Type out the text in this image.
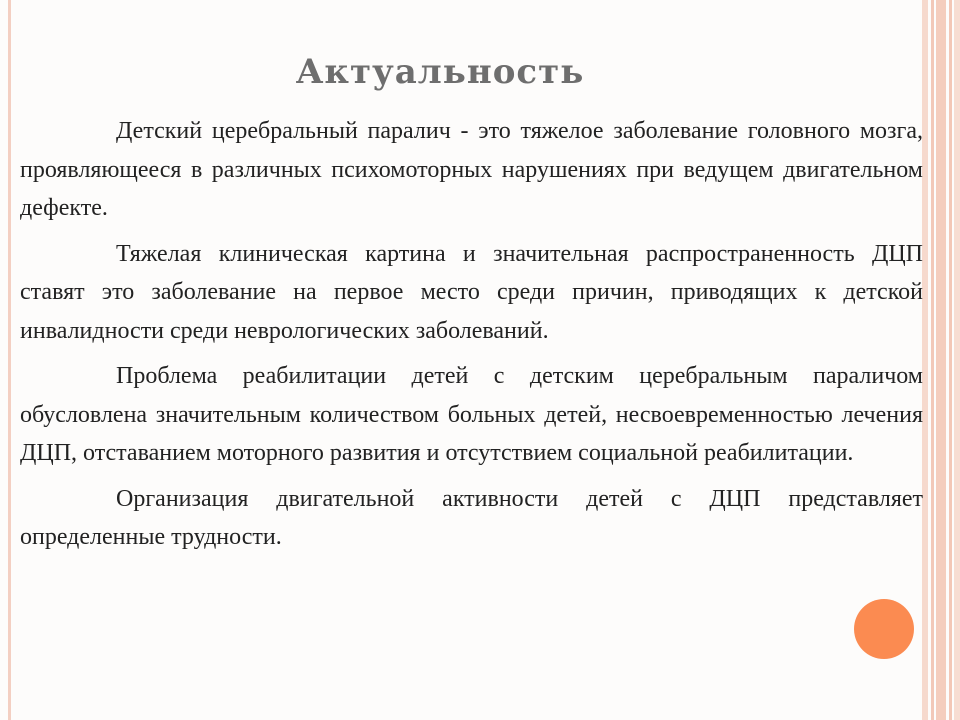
Актуальность

Детский церебральный паралич - это тяжелое заболевание головного мозга, проявляющееся в различных психомоторных нарушениях при ведущем двигательном дефекте.

Тяжелая клиническая картина и значительная распространенность ДЦП ставят это заболевание на первое место среди причин, приводящих к детской инвалидности среди неврологических заболеваний.

Проблема реабилитации детей с детским церебральным параличом обусловлена значительным количеством больных детей, несвоевременностью лечения ДЦП, отставанием моторного развития и отсутствием социальной реабилитации.

Организация двигательной активности детей с ДЦП представляет определенные трудности.
